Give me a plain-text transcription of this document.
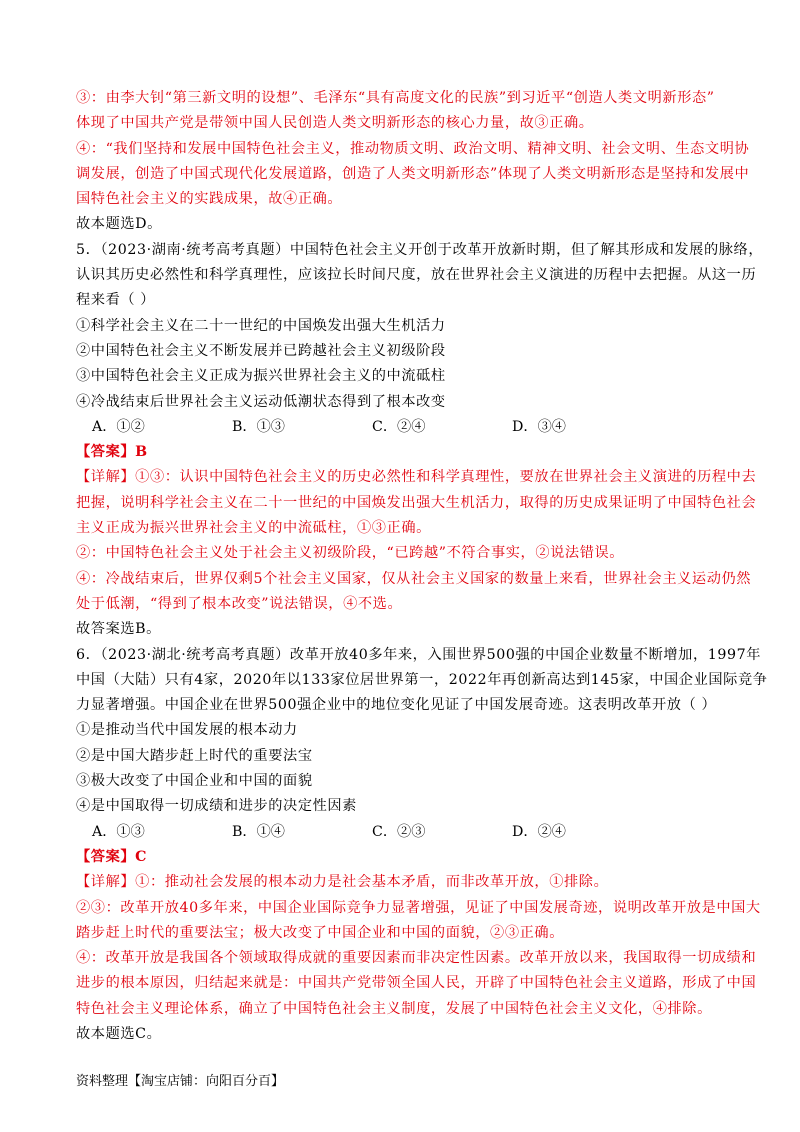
③：由李大钊“第三新文明的设想”、毛泽东“具有高度文化的民族”到习近平“创造人类文明新形态”
体现了中国共产党是带领中国人民创造人类文明新形态的核心力量，故③正确。
④：“我们坚持和发展中国特色社会主义，推动物质文明、政治文明、精神文明、社会文明、生态文明协
调发展，创造了中国式现代化发展道路，创造了人类文明新形态”体现了人类文明新形态是坚持和发展中
国特色社会主义的实践成果，故④正确。
故本题选D。
5．（2023·湖南·统考高考真题）中国特色社会主义开创于改革开放新时期，但了解其形成和发展的脉络，
认识其历史必然性和科学真理性，应该拉长时间尺度，放在世界社会主义演进的历程中去把握。从这一历
程来看（ ）
①科学社会主义在二十一世纪的中国焕发出强大生机活力
②中国特色社会主义不断发展并已跨越社会主义初级阶段
③中国特色社会主义正成为振兴世界社会主义的中流砥柱
④冷战结束后世界社会主义运动低潮状态得到了根本改变
A．①②	B．①③	C．②④	D．③④
【答案】B
【详解】①③：认识中国特色社会主义的历史必然性和科学真理性，要放在世界社会主义演进的历程中去
把握，说明科学社会主义在二十一世纪的中国焕发出强大生机活力，取得的历史成果证明了中国特色社会
主义正成为振兴世界社会主义的中流砥柱，①③正确。
②：中国特色社会主义处于社会主义初级阶段，“已跨越”不符合事实，②说法错误。
④：冷战结束后，世界仅剩5个社会主义国家，仅从社会主义国家的数量上来看，世界社会主义运动仍然
处于低潮，“得到了根本改变”说法错误，④不选。
故答案选B。
6．（2023·湖北·统考高考真题）改革开放40多年来，入围世界500强的中国企业数量不断增加，1997年
中国（大陆）只有4家，2020年以133家位居世界第一，2022年再创新高达到145家，中国企业国际竞争
力显著增强。中国企业在世界500强企业中的地位变化见证了中国发展奇迹。这表明改革开放（ ）
①是推动当代中国发展的根本动力
②是中国大踏步赶上时代的重要法宝
③极大改变了中国企业和中国的面貌
④是中国取得一切成绩和进步的决定性因素
A．①③	B．①④	C．②③	D．②④
【答案】C
【详解】①：推动社会发展的根本动力是社会基本矛盾，而非改革开放，①排除。
②③：改革开放40多年来，中国企业国际竞争力显著增强，见证了中国发展奇迹，说明改革开放是中国大
踏步赶上时代的重要法宝；极大改变了中国企业和中国的面貌，②③正确。
④：改革开放是我国各个领域取得成就的重要因素而非决定性因素。改革开放以来，我国取得一切成绩和
进步的根本原因，归结起来就是：中国共产党带领全国人民，开辟了中国特色社会主义道路，形成了中国
特色社会主义理论体系，确立了中国特色社会主义制度，发展了中国特色社会主义文化，④排除。
故本题选C。
资料整理【淘宝店铺：向阳百分百】
